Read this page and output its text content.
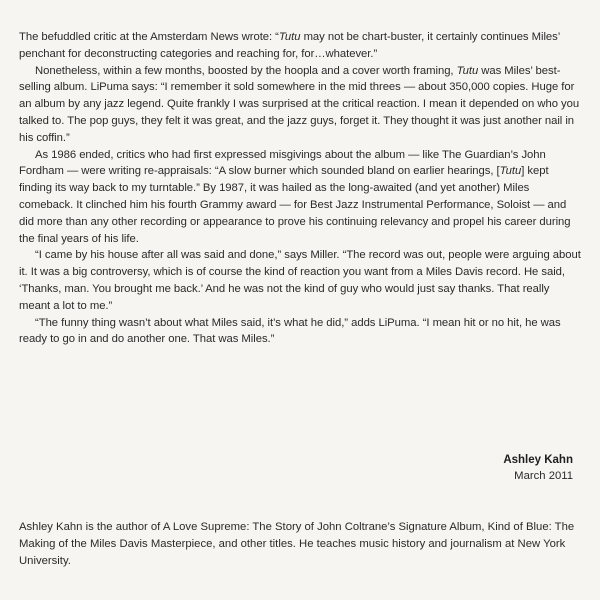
The befuddled critic at the Amsterdam News wrote: “Tutu may not be chart-buster, it certainly continues Miles’ penchant for deconstructing categories and reaching for, for…whatever.”

Nonetheless, within a few months, boosted by the hoopla and a cover worth framing, Tutu was Miles’ best-selling album. LiPuma says: “I remember it sold somewhere in the mid threes — about 350,000 copies. Huge for an album by any jazz legend. Quite frankly I was surprised at the critical reaction. I mean it depended on who you talked to. The pop guys, they felt it was great, and the jazz guys, forget it. They thought it was just another nail in his coffin.”

As 1986 ended, critics who had first expressed misgivings about the album — like The Guardian’s John Fordham — were writing re-appraisals: “A slow burner which sounded bland on earlier hearings, [Tutu] kept finding its way back to my turntable.” By 1987, it was hailed as the long-awaited (and yet another) Miles comeback. It clinched him his fourth Grammy award — for Best Jazz Instrumental Performance, Soloist — and did more than any other recording or appearance to prove his continuing relevancy and propel his career during the final years of his life.

“I came by his house after all was said and done,” says Miller. “The record was out, people were arguing about it. It was a big controversy, which is of course the kind of reaction you want from a Miles Davis record. He said, ‘Thanks, man. You brought me back.’ And he was not the kind of guy who would just say thanks. That really meant a lot to me.”

“The funny thing wasn’t about what Miles said, it’s what he did,” adds LiPuma. “I mean hit or no hit, he was ready to go in and do another one. That was Miles.”

Ashley Kahn
March 2011
Ashley Kahn is the author of A Love Supreme: The Story of John Coltrane’s Signature Album, Kind of Blue: The Making of the Miles Davis Masterpiece, and other titles. He teaches music history and journalism at New York University.
